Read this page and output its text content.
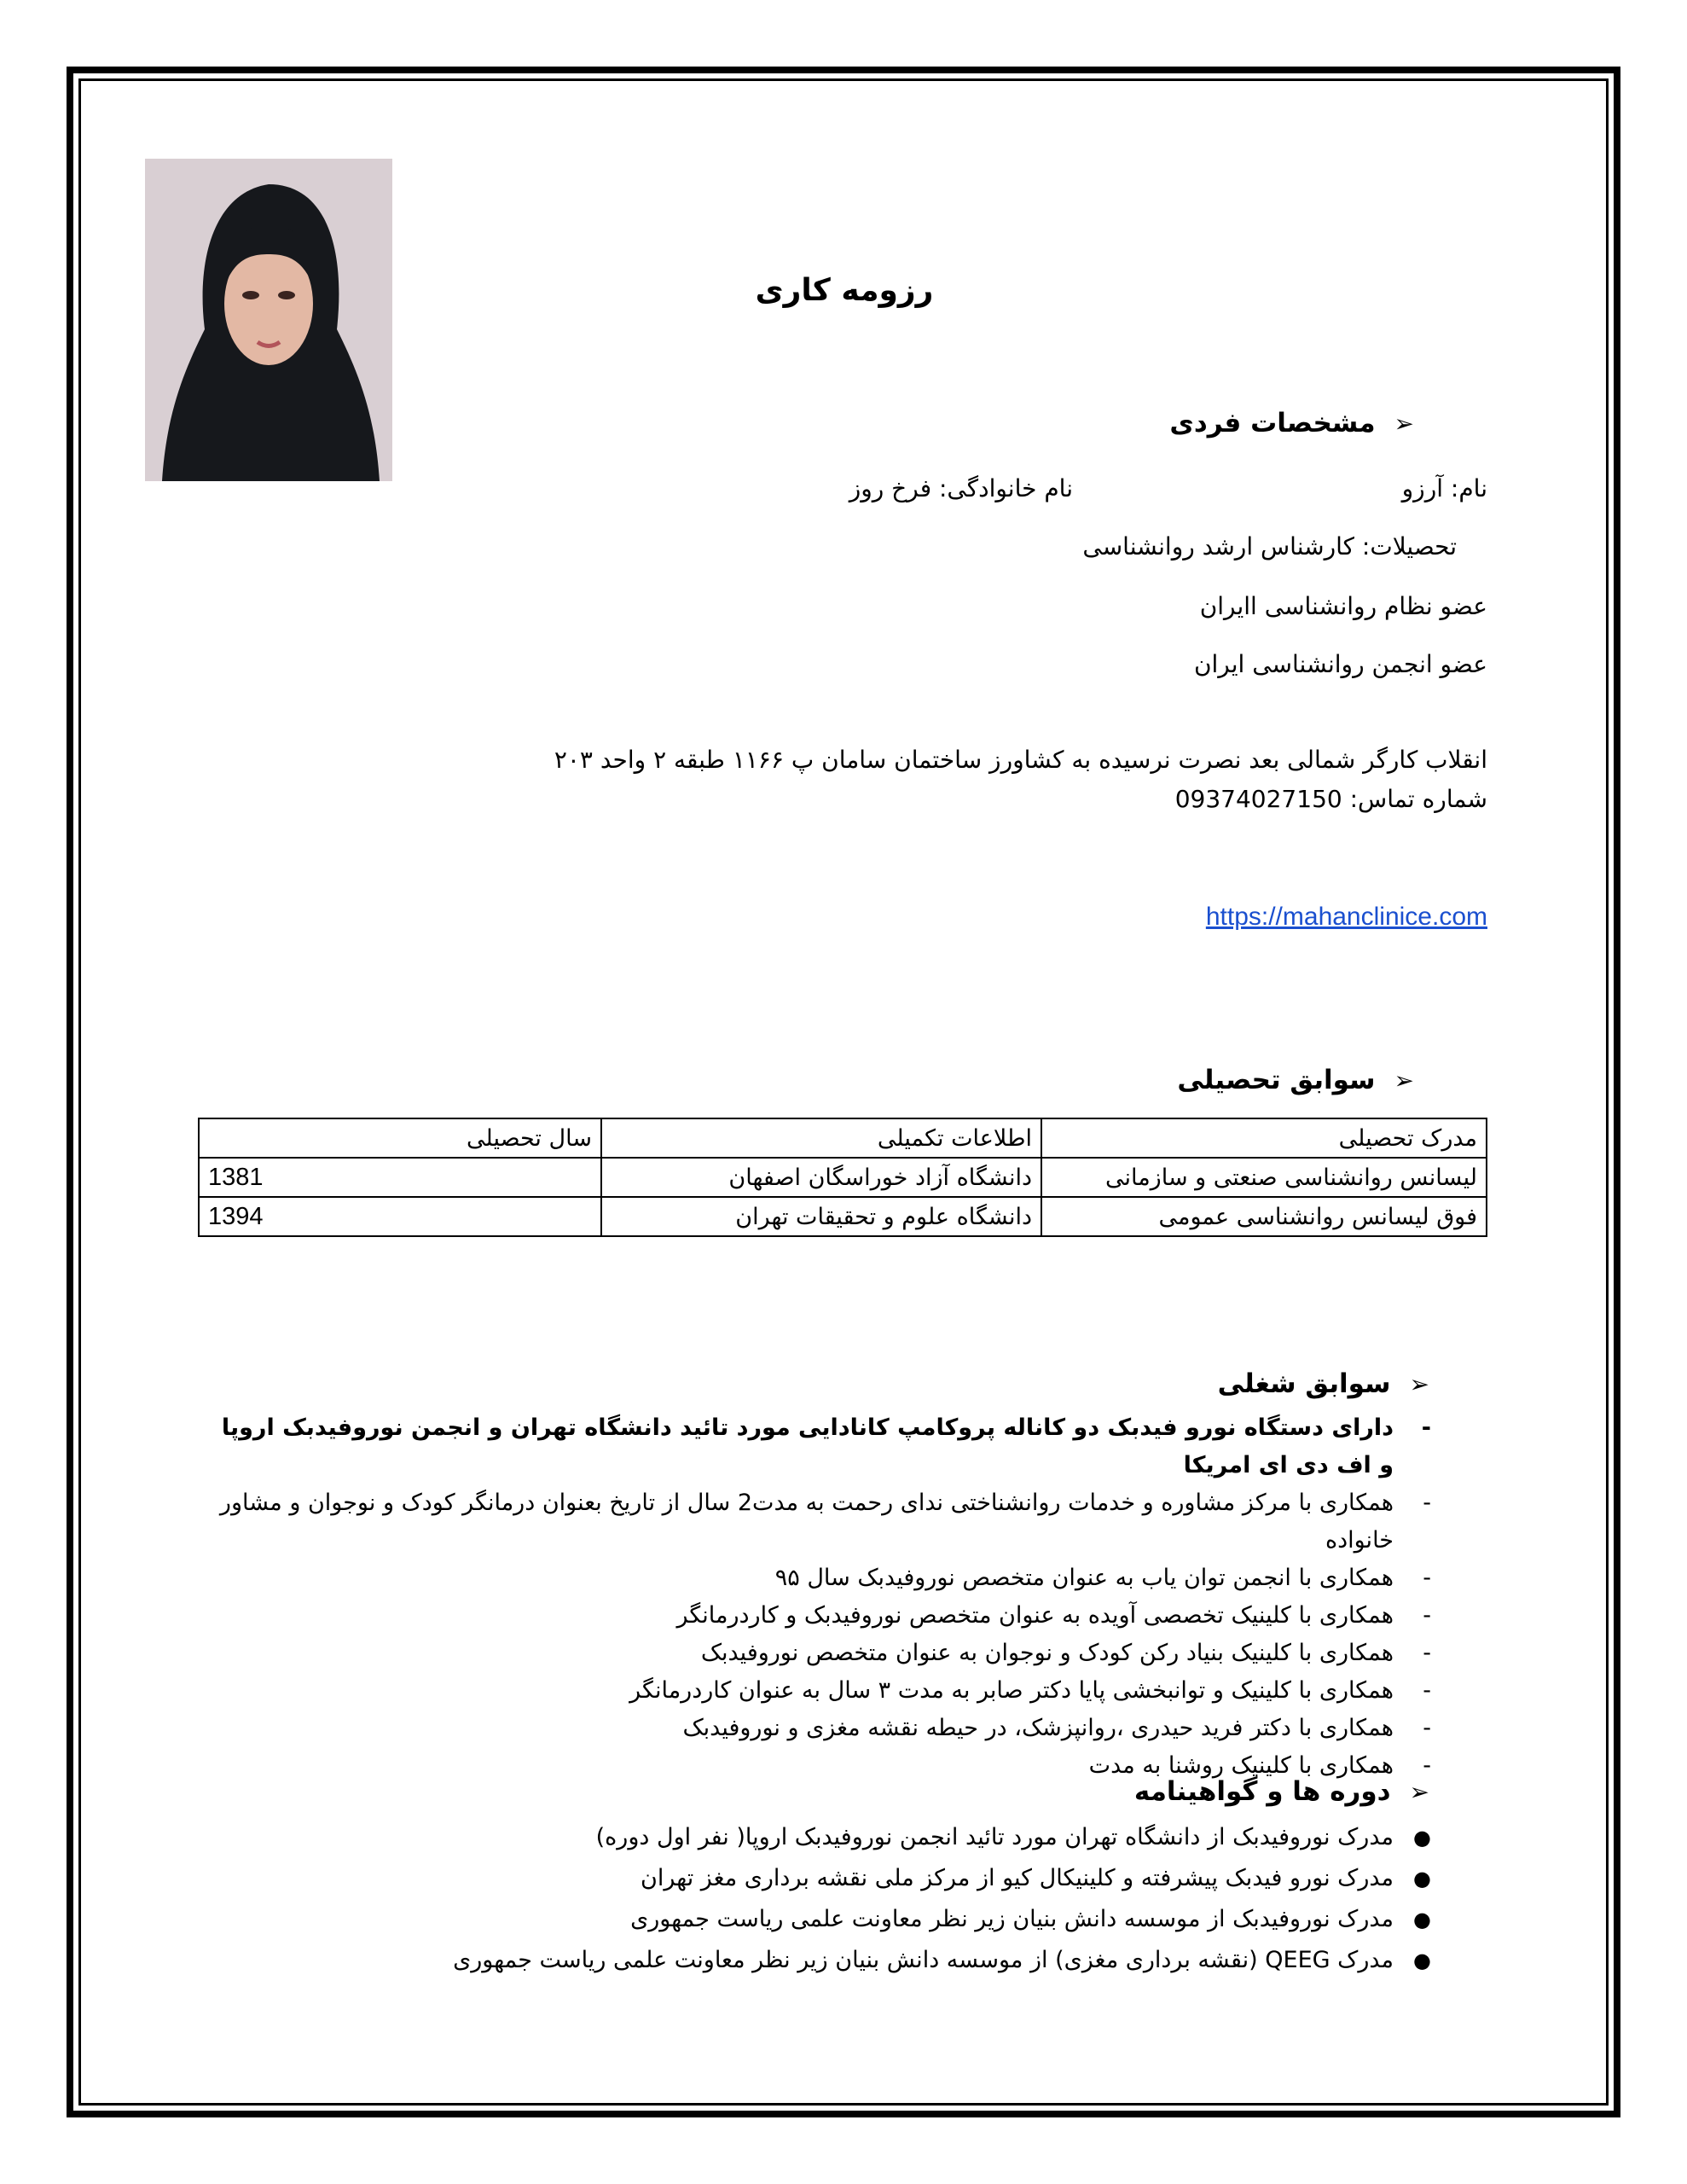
رزومه کاری
➢
مشخصات فردی
نام: آرزو
نام خانوادگی: فرخ روز
تحصیلات: کارشناس ارشد روانشناسی
عضو نظام روانشناسی اایران
عضو انجمن روانشناسی ایران
انقلاب کارگر شمالی بعد نصرت نرسیده به کشاورز ساختمان سامان پ ۱۱۶۶ طبقه ۲ واحد ۲۰۳
شماره تماس: 09374027150
https://mahanclinice.com
➢
سوابق تحصیلی
مدرک تحصیلی	اطلاعات تکمیلی	سال تحصیلی
لیسانس روانشناسی صنعتی و سازمانی	دانشگاه آزاد خوراسگان اصفهان	1381
فوق لیسانس روانشناسی عمومی	دانشگاه علوم و تحقیقات تهران	1394
➢
سوابق شغلی
-
دارای دستگاه نورو فیدبک دو کاناله پروکامپ کانادایی مورد تائید دانشگاه تهران و انجمن نوروفیدبک اروپا و اف دی ای امریکا
-
همکاری با مرکز مشاوره و خدمات روانشناختی ندای رحمت به مدت2 سال از تاریخ بعنوان درمانگر کودک و نوجوان و مشاور خانواده
-
همکاری با انجمن توان یاب به عنوان متخصص نوروفیدبک سال ۹۵
-
همکاری با کلینیک تخصصی آویده به عنوان متخصص نوروفیدبک و کاردرمانگر
-
همکاری با کلینیک بنیاد رکن کودک و نوجوان به عنوان متخصص نوروفیدبک
-
همکاری با کلینیک و توانبخشی پایا دکتر صابر به مدت ۳ سال به عنوان کاردرمانگر
-
همکاری با دکتر فرید حیدری ،روانپزشک، در حیطه نقشه مغزی و نوروفیدبک
-
همکاری با کلینیک روشنا به مدت
➢
دوره ها و گواهینامه
●
مدرک نوروفیدبک از دانشگاه تهران مورد تائید انجمن نوروفیدبک اروپا( نفر اول دوره)
●
مدرک نورو فیدبک پیشرفته و کلینیکال کیو از مرکز ملی نقشه برداری مغز تهران
●
مدرک نوروفیدبک از موسسه دانش بنیان زیر نظر معاونت علمی ریاست جمهوری
●
مدرک QEEG (نقشه برداری مغزی) از موسسه دانش بنیان زیر نظر معاونت علمی ریاست جمهوری
